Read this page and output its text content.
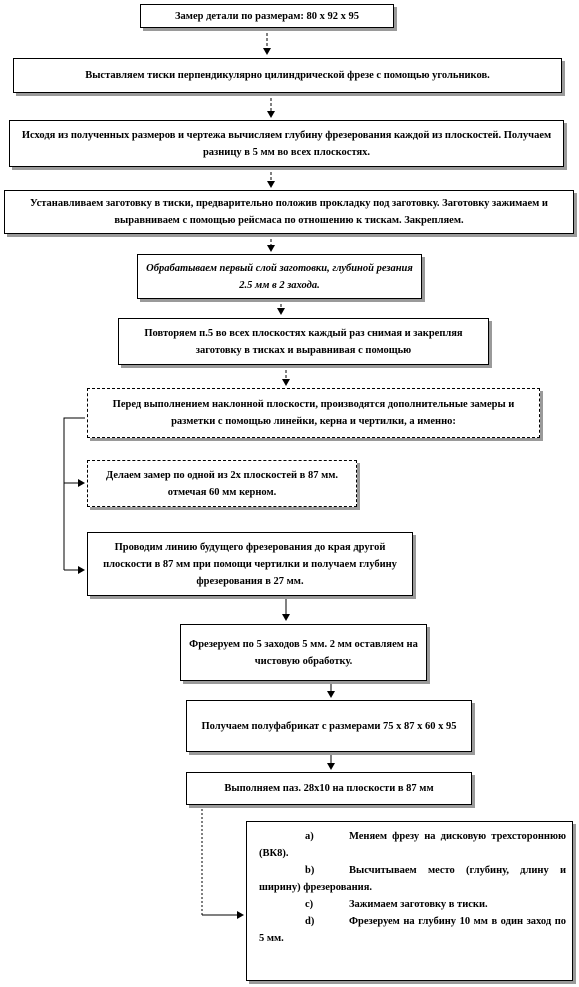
Замер детали по размерам: 80 х 92 х 95
Выставляем тиски перпендикулярно цилиндрической фрезе с помощью угольников.
Исходя из полученных размеров и чертежа вычисляем глубину фрезерования каждой из плоскостей. Получаем разницу в 5 мм во всех плоскостях.
Устанавливаем заготовку в тиски, предварительно положив прокладку под заготовку. Заготовку зажимаем и выравниваем с помощью рейсмаса по отношению к тискам. Закрепляем.
Обрабатываем первый слой заготовки, глубиной резания 2.5 мм в 2 захода.
Повторяем п.5 во всех плоскостях каждый раз снимая и закрепляя заготовку в тисках и выравнивая с помощью
Перед выполнением наклонной плоскости, производятся дополнительные замеры и разметки с помощью линейки, керна и чертилки, а именно:
Делаем замер по одной из 2х плоскостей в 87 мм. отмечая 60 мм керном.
Проводим линию будущего фрезерования до края другой плоскости в 87 мм при помощи чертилки и получаем глубину фрезерования в 27 мм.
Фрезеруем по 5 заходов 5 мм. 2 мм оставляем на чистовую обработку.
Получаем полуфабрикат с размерами 75 х 87 х 60 х 95
Выполняем паз. 28х10 на плоскости в 87 мм
a)	Меняем фрезу на дисковую трехстороннюю (ВК8).
b)	Высчитываем место (глубину, длину и ширину) фрезерования.
c)	Зажимаем заготовку в тиски.
d)	Фрезеруем на глубину 10 мм в один заход по 5 мм.
